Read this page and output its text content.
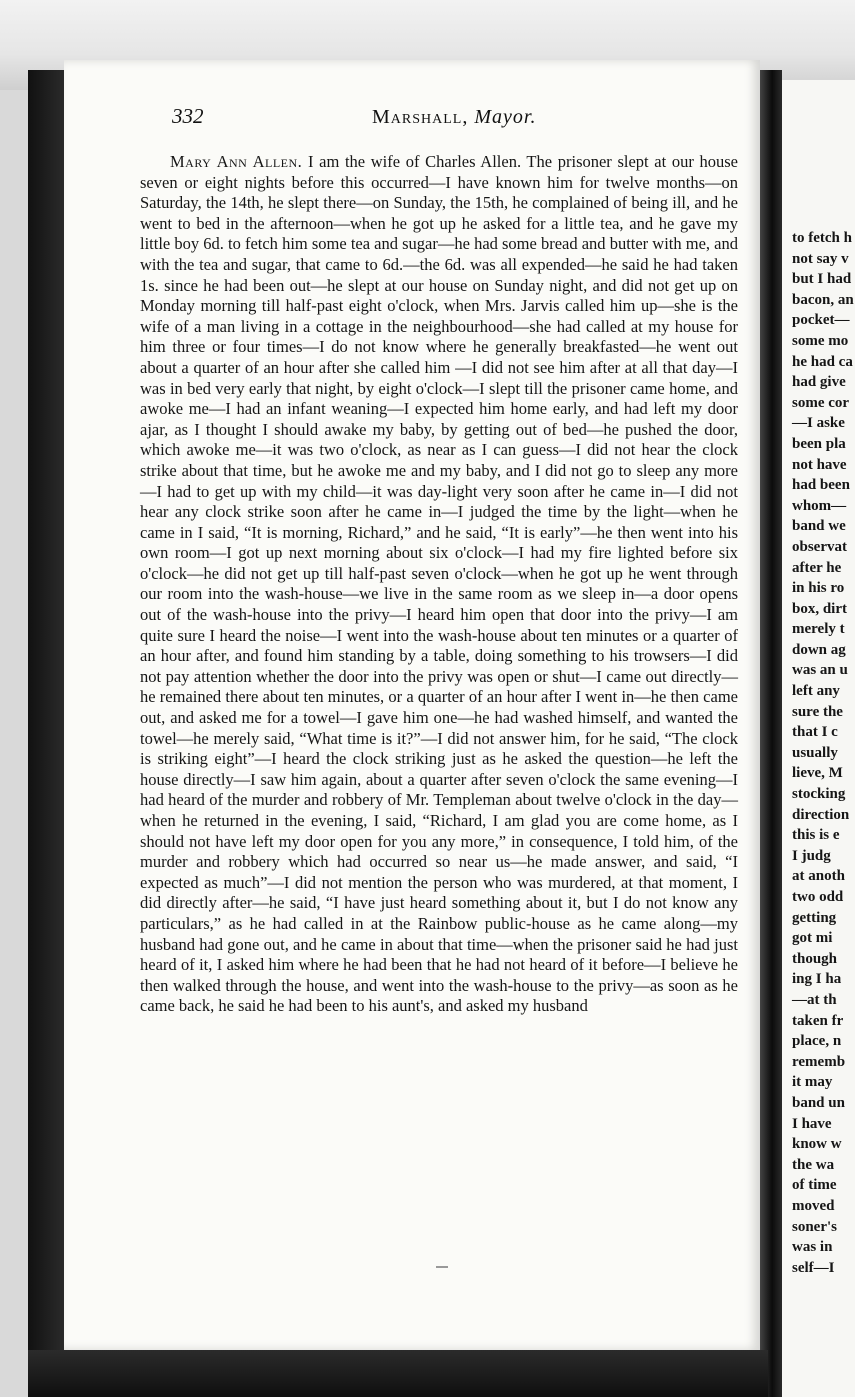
to fetch h
not say v
but I had
bacon, an
pocket—
some mo
he had ca
had give
some cor
—I aske
been pla
not have
had been
whom—
band we
observat
after he
in his ro
box, dirt
merely t
down ag
was an u
left any
sure the
that I c
usually
lieve, M
stocking
direction
this is e
I judg
at anoth
two odd
getting
got mi
though
ing I ha
—at th
taken fr
place, n
rememb
it may
band un
I have
know w
the wa
of time
moved
soner's
was in
self—I
332	Marshall, Mayor.

Mary Ann Allen. I am the wife of Charles Allen. The prisoner slept at our house seven or eight nights before this occurred—I have known him for twelve months—on Saturday, the 14th, he slept there—on Sunday, the 15th, he complained of being ill, and he went to bed in the afternoon—when he got up he asked for a little tea, and he gave my little boy 6d. to fetch him some tea and sugar—he had some bread and butter with me, and with the tea and sugar, that came to 6d.—the 6d. was all expended—he said he had taken 1s. since he had been out—he slept at our house on Sunday night, and did not get up on Monday morning till half-past eight o'clock, when Mrs. Jarvis called him up—she is the wife of a man living in a cottage in the neighbourhood—she had called at my house for him three or four times—I do not know where he generally breakfasted—he went out about a quarter of an hour after she called him —I did not see him after at all that day—I was in bed very early that night, by eight o'clock—I slept till the prisoner came home, and awoke me—I had an infant weaning—I expected him home early, and had left my door ajar, as I thought I should awake my baby, by getting out of bed—he pushed the door, which awoke me—it was two o'clock, as near as I can guess—I did not hear the clock strike about that time, but he awoke me and my baby, and I did not go to sleep any more—I had to get up with my child—it was day-light very soon after he came in—I did not hear any clock strike soon after he came in—I judged the time by the light—when he came in I said, “It is morning, Richard,” and he said, “It is early”—he then went into his own room—I got up next morning about six o'clock—I had my fire lighted before six o'clock—he did not get up till half-past seven o'clock—when he got up he went through our room into the wash-house—we live in the same room as we sleep in—a door opens out of the wash-house into the privy—I heard him open that door into the privy—I am quite sure I heard the noise—I went into the wash-house about ten minutes or a quarter of an hour after, and found him standing by a table, doing something to his trowsers—I did not pay attention whether the door into the privy was open or shut—I came out directly—he remained there about ten minutes, or a quarter of an hour after I went in—he then came out, and asked me for a towel—I gave him one—he had washed himself, and wanted the towel—he merely said, “What time is it?”—I did not answer him, for he said, “The clock is striking eight”—I heard the clock striking just as he asked the question—he left the house directly—I saw him again, about a quarter after seven o'clock the same evening—I had heard of the murder and robbery of Mr. Templeman about twelve o'clock in the day—when he returned in the evening, I said, “Richard, I am glad you are come home, as I should not have left my door open for you any more,” in consequence, I told him, of the murder and robbery which had occurred so near us—he made answer, and said, “I expected as much”—I did not mention the person who was murdered, at that moment, I did directly after—he said, “I have just heard something about it, but I do not know any particulars,” as he had called in at the Rainbow public-house as he came along—my husband had gone out, and he came in about that time—when the prisoner said he had just heard of it, I asked him where he had been that he had not heard of it before—I believe he then walked through the house, and went into the wash-house to the privy—as soon as he came back, he said he had been to his aunt's, and asked my husband
